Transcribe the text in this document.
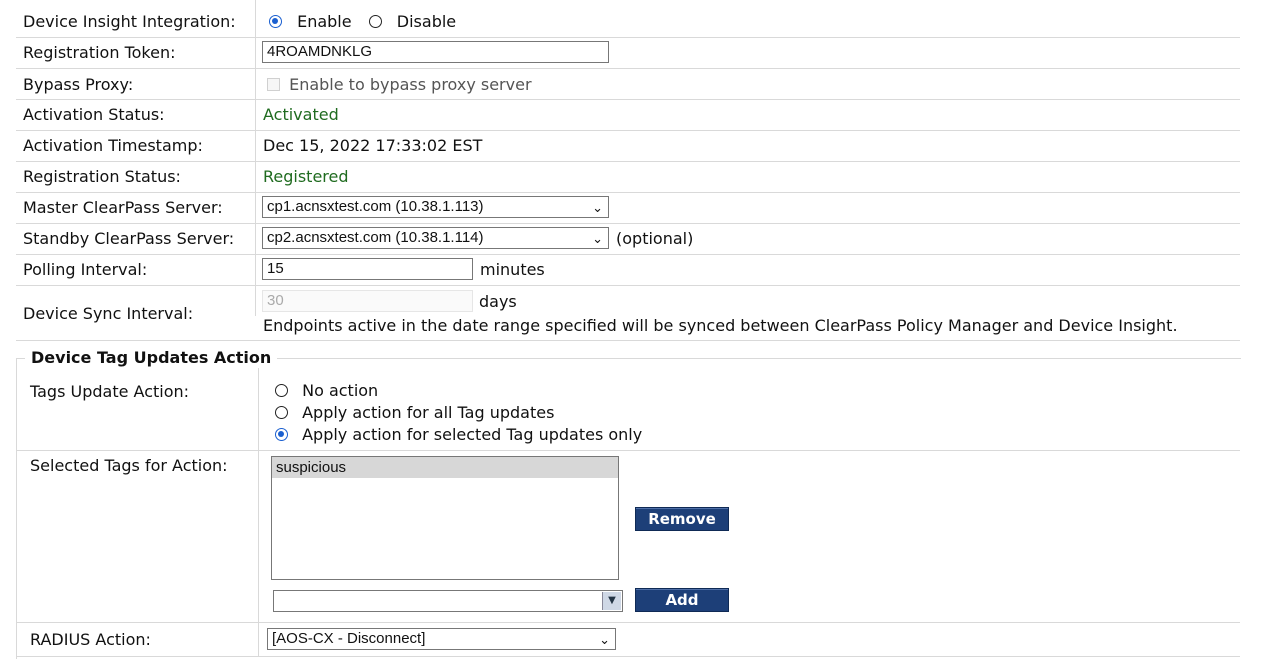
Device Insight Integration:	Enable	Disable
Registration Token:	4ROAMDNKLG
Bypass Proxy:	Enable to bypass proxy server
Activation Status:	Activated
Activation Timestamp:	Dec 15, 2022 17:33:02 EST
Registration Status:	Registered
Master ClearPass Server:	cp1.acnsxtest.com (10.38.1.113)	⌄
Standby ClearPass Server:	cp2.acnsxtest.com (10.38.1.114)	⌄ (optional)
Polling Interval:	15	minutes
Device Sync Interval:
30	days
Endpoints active in the date range specified will be synced between ClearPass Policy Manager and Device Insight.
Device Tag Updates Action
Tags Update Action:	No action
Apply action for all Tag updates
Apply action for selected Tag updates only
Selected Tags for Action:	suspicious
Remove
▼	Add
RADIUS Action:	[AOS-CX - Disconnect]	⌄
